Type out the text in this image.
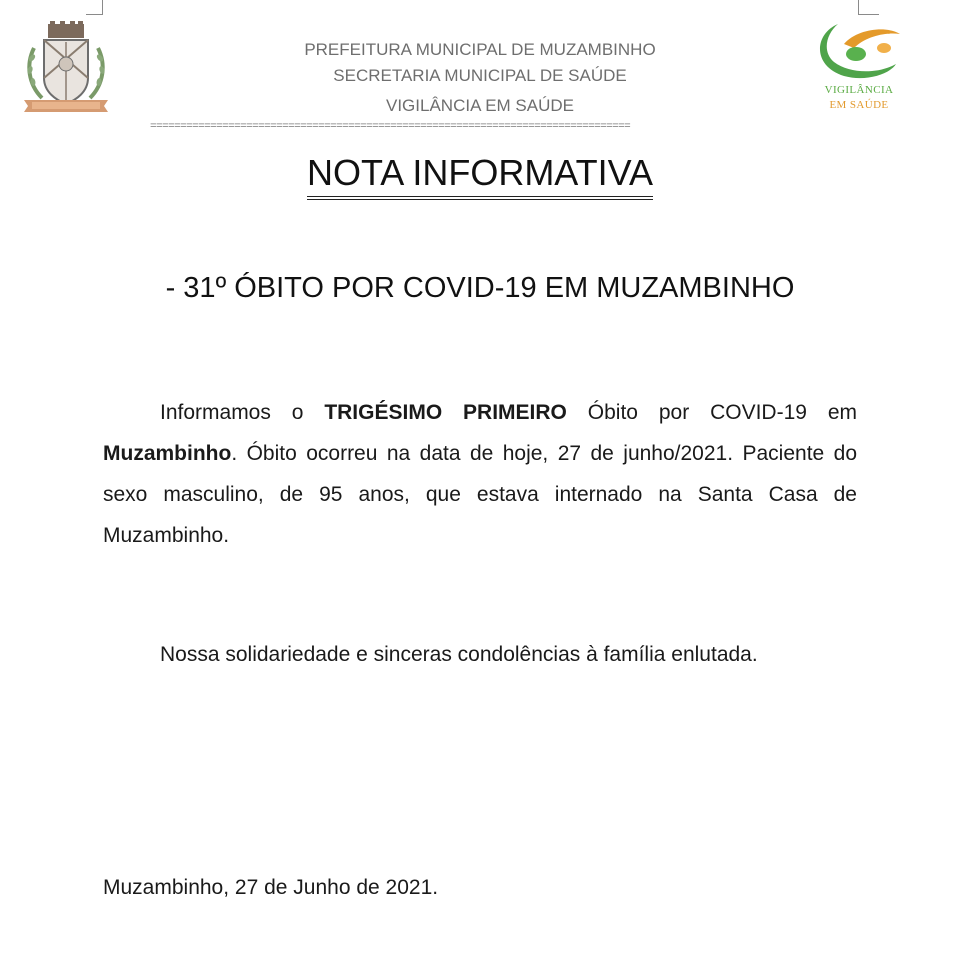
VIGILÂNCIA
EM SAÚDE
PREFEITURA MUNICIPAL DE MUZAMBINHO
SECRETARIA MUNICIPAL DE SAÚDE
VIGILÂNCIA EM SAÚDE
================================================================================
NOTA INFORMATIVA
- 31º ÓBITO POR COVID-19 EM MUZAMBINHO

Informamos o TRIGÉSIMO PRIMEIRO Óbito por COVID-19 em Muzambinho. Óbito ocorreu na data de hoje, 27 de junho/2021. Paciente do sexo masculino, de 95 anos, que estava internado na Santa Casa de Muzambinho.

Nossa solidariedade e sinceras condolências à família enlutada.
Muzambinho, 27 de Junho de 2021.
